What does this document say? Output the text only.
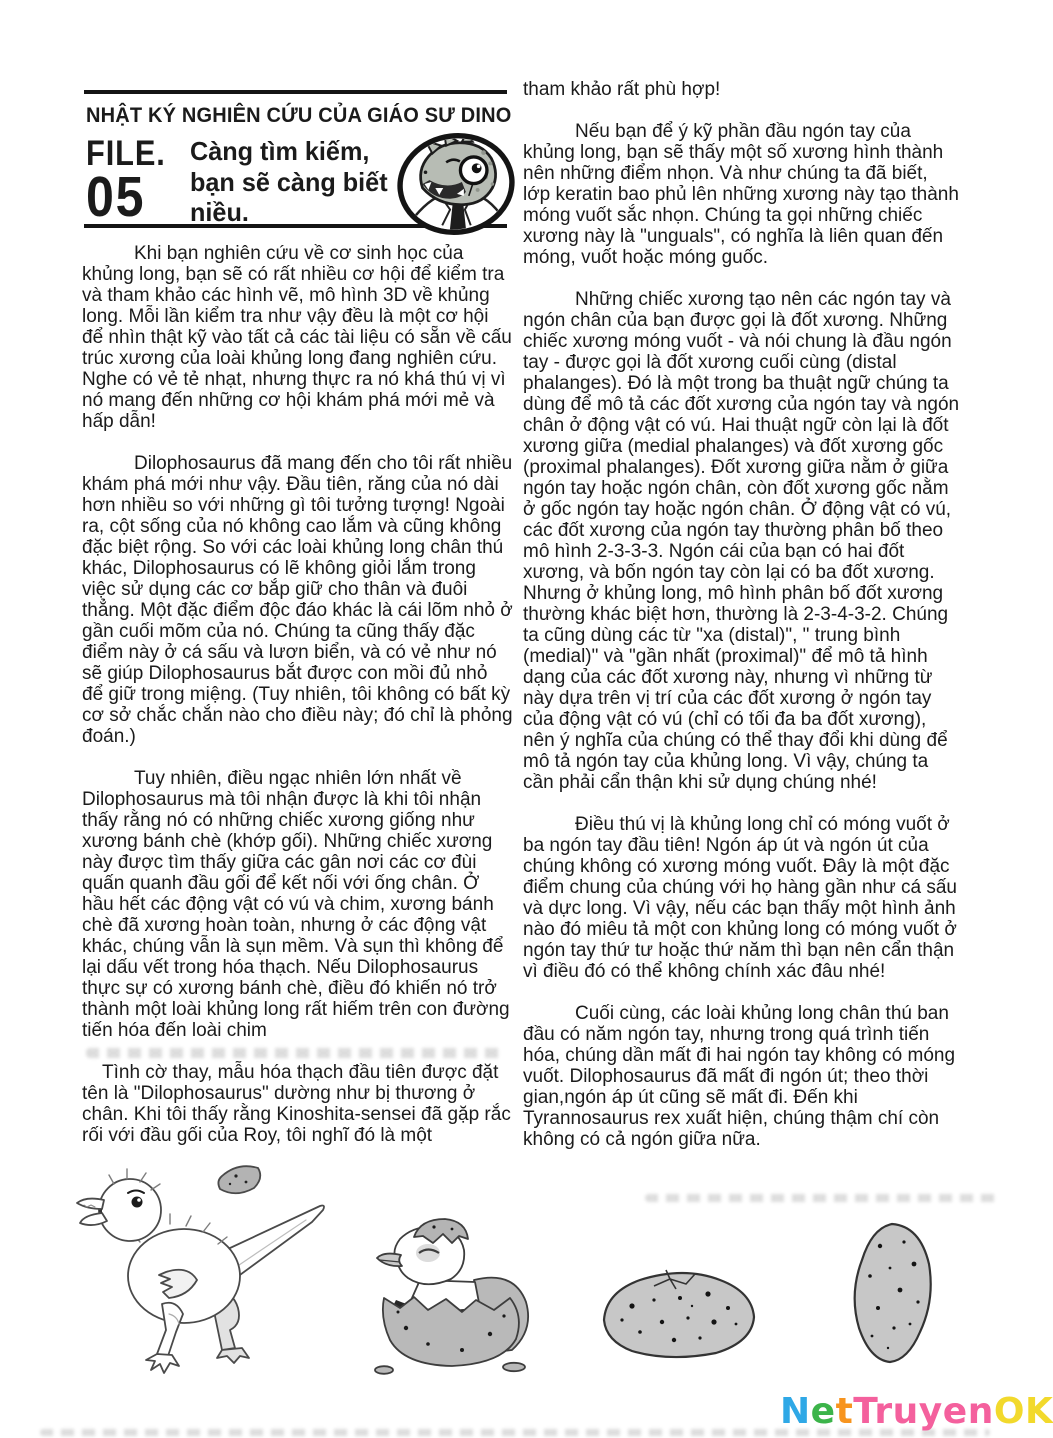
NHẬT KÝ NGHIÊN CỨU CỦA GIÁO SƯ DINO
FILE.
05
Càng tìm kiếm,
bạn sẽ càng biết
niều.

Khi bạn nghiên cứu về cơ sinh học của khủng long, bạn sẽ có rất nhiều cơ hội để kiểm tra và tham khảo các hình vẽ, mô hình 3D về khủng long. Mỗi lần kiểm tra như vậy đều là một cơ hội để nhìn thật kỹ vào tất cả các tài liệu có sẵn về cấu trúc xương của loài khủng long đang nghiên cứu. Nghe có vẻ tẻ nhạt, nhưng thực ra nó khá thú vị vì nó mang đến những cơ hội khám phá mới mẻ và hấp dẫn!

Dilophosaurus đã mang đến cho tôi rất nhiều khám phá mới như vậy. Đầu tiên, răng của nó dài hơn nhiều so với những gì tôi tưởng tượng! Ngoài ra, cột sống của nó không cao lắm và cũng không đặc biệt rộng. So với các loài khủng long chân thú khác, Dilophosaurus có lẽ không giỏi lắm trong việc sử dụng các cơ bắp giữ cho thân và đuôi thẳng. Một đặc điểm độc đáo khác là cái lõm nhỏ ở gần cuối mõm của nó. Chúng ta cũng thấy đặc điểm này ở cá sấu và lươn biển, và có vẻ như nó sẽ giúp Dilophosaurus bắt được con mồi đủ nhỏ để giữ trong miệng. (Tuy nhiên, tôi không có bất kỳ cơ sở chắc chắn nào cho điều này; đó chỉ là phỏng đoán.)

Tuy nhiên, điều ngạc nhiên lớn nhất về Dilophosaurus mà tôi nhận được là khi tôi nhận thấy rằng nó có những chiếc xương giống như xương bánh chè (khớp gối). Những chiếc xương này được tìm thấy giữa các gân nơi các cơ đùi quấn quanh đầu gối để kết nối với ống chân. Ở hầu hết các động vật có vú và chim, xương bánh chè đã xương hoàn toàn, nhưng ở các động vật khác, chúng vẫn là sụn mềm. Và sụn thì không để lại dấu vết trong hóa thạch. Nếu Dilophosaurus thực sự có xương bánh chè, điều đó khiến nó trở thành một loài khủng long rất hiếm trên con đường tiến hóa đến loài chim

Tình cờ thay, mẫu hóa thạch đầu tiên được đặt tên là "Dilophosaurus" dường như bị thương ở chân. Khi tôi thấy rằng Kinoshita-sensei đã gặp rắc rối với đầu gối của Roy, tôi nghĩ đó là một

tham khảo rất phù hợp!

Nếu bạn để ý kỹ phần đầu ngón tay của khủng long, bạn sẽ thấy một số xương hình thành nên những điểm nhọn. Và như chúng ta đã biết, lớp keratin bao phủ lên những xương này tạo thành móng vuốt sắc nhọn. Chúng ta gọi những chiếc xương này là "unguals", có nghĩa là liên quan đến móng, vuốt hoặc móng guốc.

Những chiếc xương tạo nên các ngón tay và ngón chân của bạn được gọi là đốt xương. Những chiếc xương móng vuốt - và nói chung là đầu ngón tay - được gọi là đốt xương cuối cùng (distal phalanges). Đó là một trong ba thuật ngữ chúng ta dùng để mô tả các đốt xương của ngón tay và ngón chân ở động vật có vú. Hai thuật ngữ còn lại là đốt xương giữa (medial phalanges) và đốt xương gốc (proximal phalanges). Đốt xương giữa nằm ở giữa ngón tay hoặc ngón chân, còn đốt xương gốc nằm ở gốc ngón tay hoặc ngón chân. Ở động vật có vú, các đốt xương của ngón tay thường phân bố theo mô hình 2-3-3-3. Ngón cái của bạn có hai đốt xương, và bốn ngón tay còn lại có ba đốt xương. Nhưng ở khủng long, mô hình phân bố đốt xương thường khác biệt hơn, thường là 2-3-4-3-2. Chúng ta cũng dùng các từ "xa (distal)", " trung bình (medial)" và "gần nhất (proximal)" để mô tả hình dạng của các đốt xương này, nhưng vì những từ này dựa trên vị trí của các đốt xương ở ngón tay của động vật có vú (chỉ có tối đa ba đốt xương), nên ý nghĩa của chúng có thể thay đổi khi dùng để mô tả ngón tay của khủng long. Vì vậy, chúng ta cần phải cẩn thận khi sử dụng chúng nhé!

Điều thú vị là khủng long chỉ có móng vuốt ở ba ngón tay đầu tiên! Ngón áp út và ngón út của chúng không có xương móng vuốt. Đây là một đặc điểm chung của chúng với họ hàng gần như cá sấu và dực long. Vì vậy, nếu các bạn thấy một hình ảnh nào đó miêu tả một con khủng long có móng vuốt ở ngón tay thứ tư hoặc thứ năm thì bạn nên cẩn thận vì điều đó có thể không chính xác đâu nhé!

Cuối cùng, các loài khủng long chân thú ban đầu có năm ngón tay, nhưng trong quá trình tiến hóa, chúng dần mất đi hai ngón tay không có móng vuốt. Dilophosaurus đã mất đi ngón út; theo thời gian,ngón áp út cũng sẽ mất đi. Đến khi Tyrannosaurus rex xuất hiện, chúng thậm chí còn không có cả ngón giữa nữa.

NetTruyenOK
